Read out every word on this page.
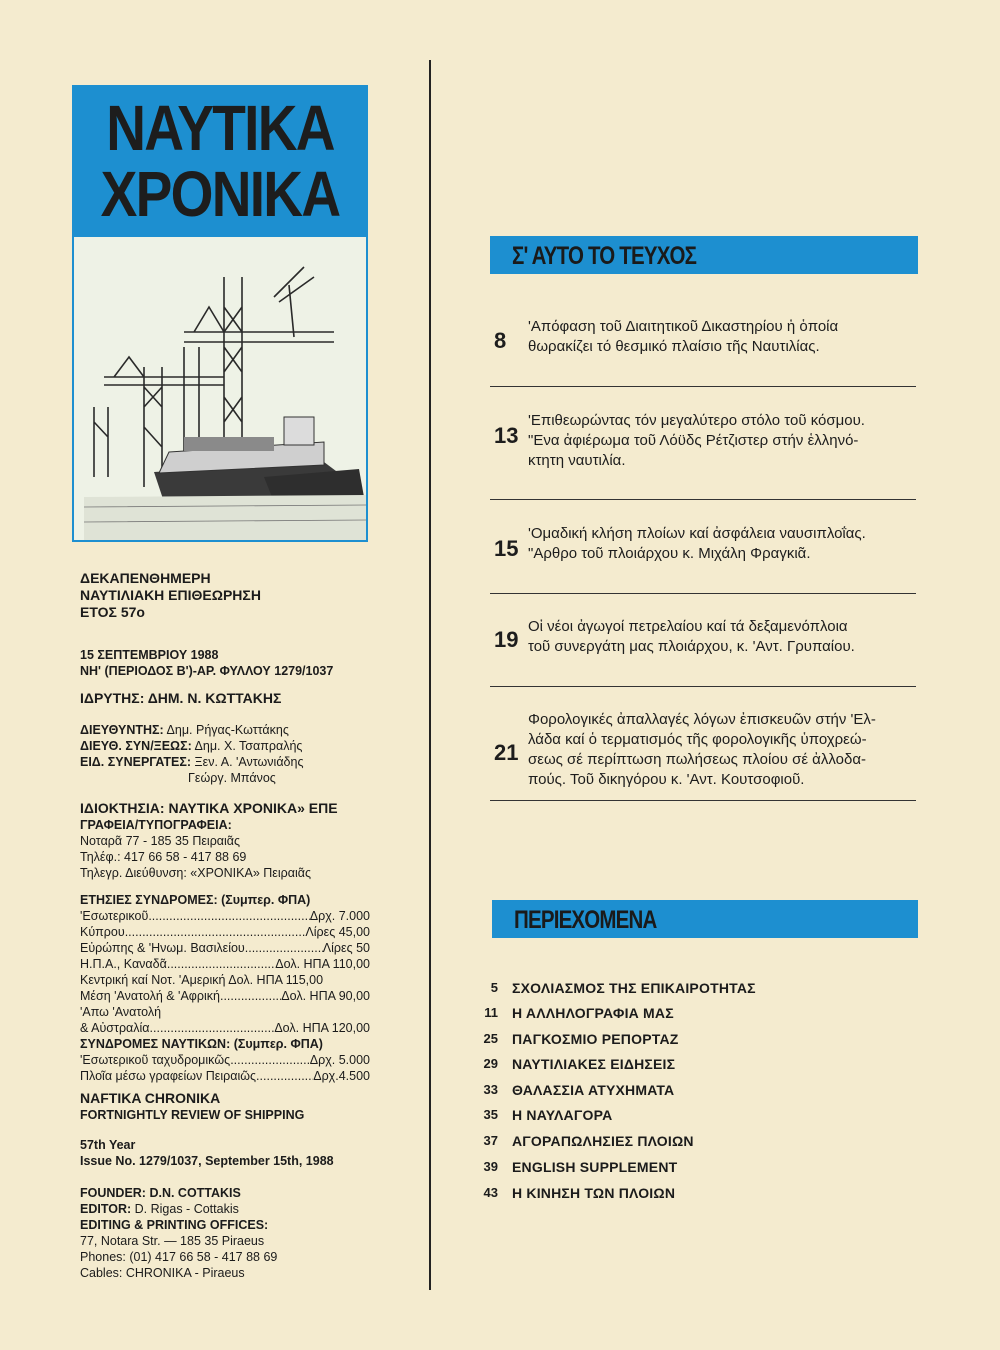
ΝΑΥΤΙΚΑ
ΧΡΟΝΙΚΑ
ΔΕΚΑΠΕΝΘΗΜΕΡΗ
ΝΑΥΤΙΛΙΑΚΗ ΕΠΙΘΕΩΡΗΣΗ
ΕΤΟΣ 57ο
15 ΣΕΠΤΕΜΒΡΙΟΥ 1988
ΝΗ' (ΠΕΡΙΟΔΟΣ Β')-ΑΡ. ΦΥΛΛΟΥ 1279/1037
ΙΔΡΥΤΗΣ: ΔΗΜ. Ν. ΚΩΤΤΑΚΗΣ
ΔΙΕΥΘΥΝΤΗΣ: Δημ. Ρήγας-Κωττάκης
ΔΙΕΥΘ. ΣΥΝ/ΞΕΩΣ: Δημ. Χ. Τσαπραλής
ΕΙΔ. ΣΥΝΕΡΓΑΤΕΣ: Ξεν. Α. 'Αντωνιάδης
Γεώργ. Μπάνος
ΙΔΙΟΚΤΗΣΙΑ: ΝΑΥΤΙΚΑ ΧΡΟΝΙΚΑ» ΕΠΕ
ΓΡΑΦΕΙΑ/ΤΥΠΟΓΡΑΦΕΙΑ:
Νοταρᾶ 77 - 185 35 Πειραιᾶς
Τηλέφ.: 417 66 58 - 417 88 69
Τηλεγρ. Διεύθυνση: «ΧΡΟΝΙΚΑ» Πειραιᾶς
ΕΤΗΣΙΕΣ ΣΥΝΔΡΟΜΕΣ: (Συμπερ. ΦΠΑ)
'Εσωτερικοῦ .....	Δρχ. 7.000
Κύπρου .....	Λίρες 45,00
Εὐρώπης & 'Ηνωμ. Βασιλείου .....	Λίρες 50
Η.Π.Α., Καναδᾶ .....	Δολ. ΗΠΑ 110,00
Κεντρική καί Νοτ. 'Αμερική Δολ. ΗΠΑ 115,00
Μέση 'Ανατολή & 'Αφρική .....	Δολ. ΗΠΑ 90,00
'Απω 'Ανατολή
& Αὐστραλία .....	Δολ. ΗΠΑ 120,00
ΣΥΝΔΡΟΜΕΣ ΝΑΥΤΙΚΩΝ: (Συμπερ. ΦΠΑ)
'Εσωτερικοῦ ταχυδρομικῶς .....	Δρχ. 5.000
Πλοῖα μέσω γραφείων Πειραιῶς .....	Δρχ.4.500
NAFTIKA CHRONIKA
FORTNIGHTLY REVIEW OF SHIPPING
57th Year
Issue No. 1279/1037, September 15th, 1988
FOUNDER: D.N. COTTAKIS
EDITOR: D. Rigas - Cottakis
EDITING & PRINTING OFFICES:
77, Notara Str. — 185 35 Piraeus
Phones: (01) 417 66 58 - 417 88 69
Cables: CHRONIKA - Piraeus
Σ' ΑΥΤΟ ΤΟ ΤΕΥΧΟΣ
8
'Απόφαση τοῦ Διαιτητικοῦ Δικαστηρίου ἡ ὁποία
θωρακίζει τό θεσμικό πλαίσιο τῆς Ναυτιλίας.
13
'Επιθεωρώντας τόν μεγαλύτερο στόλο τοῦ κόσμου.
"Ενα ἀφιέρωμα τοῦ Λόϋδς Ρέτζιστερ στήν ἑλληνό-
κτητη ναυτιλία.
15
'Ομαδική κλήση πλοίων καί ἀσφάλεια ναυσιπλοΐας.
"Αρθρο τοῦ πλοιάρχου κ. Μιχάλη Φραγκιᾶ.
19
Οἱ νέοι ἀγωγοί πετρελαίου καί τά δεξαμενόπλοια
τοῦ συνεργάτη μας πλοιάρχου, κ. 'Αντ. Γρυπαίου.
21
Φορολογικές ἀπαλλαγές λόγων ἐπισκευῶν στήν 'Ελ-
λάδα καί ὁ τερματισμός τῆς φορολογικῆς ὑποχρεώ-
σεως σέ περίπτωση πωλήσεως πλοίου σέ ἀλλοδα-
πούς. Τοῦ δικηγόρου κ. 'Αντ. Κουτσοφιοῦ.
ΠΕΡΙΕΧΟΜΕΝΑ
5 ΣΧΟΛΙΑΣΜΟΣ ΤΗΣ ΕΠΙΚΑΙΡΟΤΗΤΑΣ
11 Η ΑΛΛΗΛΟΓΡΑΦΙΑ ΜΑΣ
25 ΠΑΓΚΟΣΜΙΟ ΡΕΠΟΡΤΑΖ
29 ΝΑΥΤΙΛΙΑΚΕΣ ΕΙΔΗΣΕΙΣ
33 ΘΑΛΑΣΣΙΑ ΑΤΥΧΗΜΑΤΑ
35 Η ΝΑΥΛΑΓΟΡΑ
37 ΑΓΟΡΑΠΩΛΗΣΙΕΣ ΠΛΟΙΩΝ
39 ENGLISH SUPPLEMENT
43 Η ΚΙΝΗΣΗ ΤΩΝ ΠΛΟΙΩΝ
